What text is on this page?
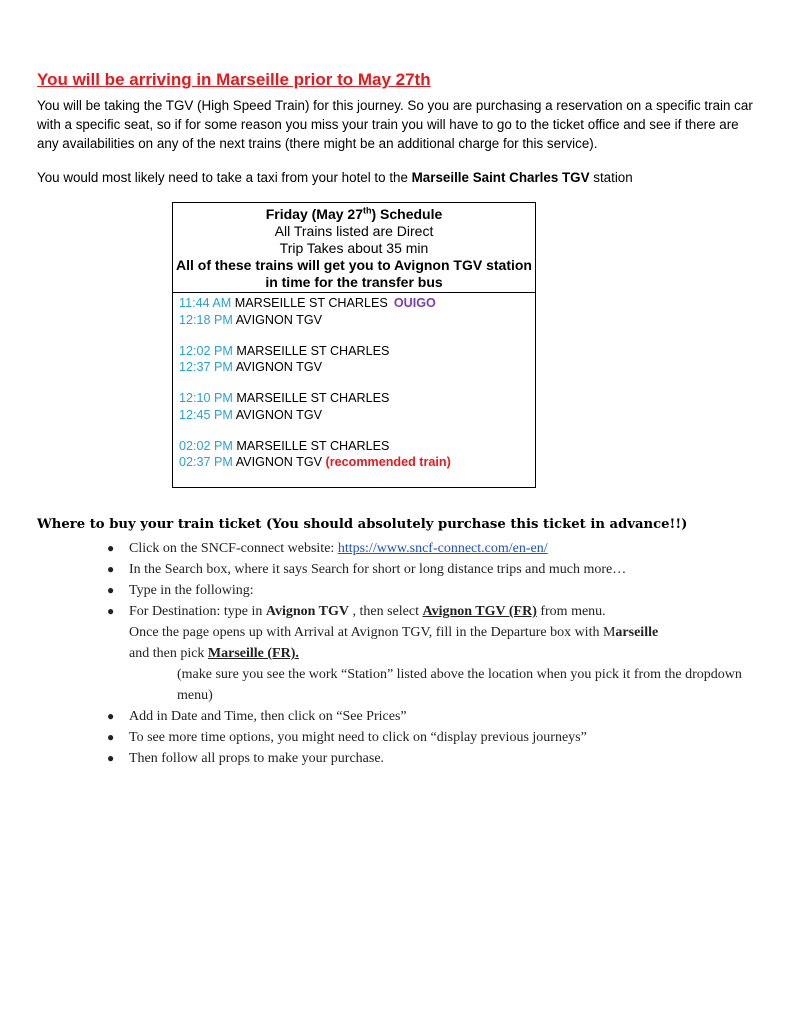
You will be arriving in Marseille prior to May 27th
You will be taking the TGV (High Speed Train) for this journey. So you are purchasing a reservation on a specific train car with a specific seat, so if for some reason you miss your train you will have to go to the ticket office and see if there are any availabilities on any of the next trains (there might be an additional charge for this service).
You would most likely need to take a taxi from your hotel to the Marseille Saint Charles TGV station
Friday (May 27th) Schedule
All Trains listed are Direct
Trip Takes about 35 min
All of these trains will get you to Avignon TGV station in time for the transfer bus
11:44 AM MARSEILLE ST CHARLES OUIGO
12:18 PM AVIGNON TGV
12:02 PM MARSEILLE ST CHARLES
12:37 PM AVIGNON TGV
12:10 PM MARSEILLE ST CHARLES
12:45 PM AVIGNON TGV
02:02 PM MARSEILLE ST CHARLES
02:37 PM AVIGNON TGV (recommended train)
Where to buy your train ticket (You should absolutely purchase this ticket in advance!!)
● Click on the SNCF-connect website: https://www.sncf-connect.com/en-en/
● In the Search box, where it says Search for short or long distance trips and much more…
● Type in the following:
● For Destination: type in Avignon TGV , then select Avignon TGV (FR) from menu.
Once the page opens up with Arrival at Avignon TGV, fill in the Departure box with Marseille
and then pick Marseille (FR).
(make sure you see the work “Station” listed above the location when you pick it from the dropdown menu)
● Add in Date and Time, then click on “See Prices”
● To see more time options, you might need to click on “display previous journeys”
● Then follow all props to make your purchase.
